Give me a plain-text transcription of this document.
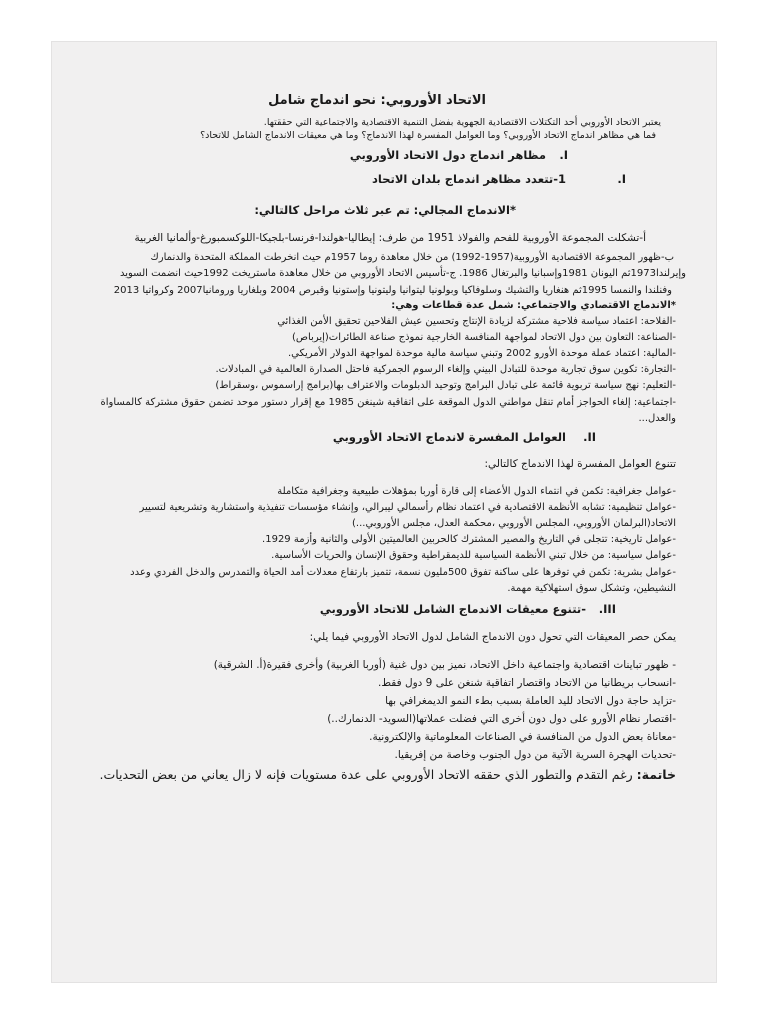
الاتحاد الأوروبي: نحو اندماج شامل
يعتبر الاتحاد الأوروبي أحد التكتلات الاقتصادية الجهوية بفضل التنمية الاقتصادية والاجتماعية التي حققتها.
فما هي مظاهر اندماج الاتحاد الأوروبي؟ وما العوامل المفسرة لهذا الاندماج؟ وما هي معيقات الاندماج الشامل للاتحاد؟
I.
مظاهر اندماج دول الاتحاد الأوروبي
I.
1-تتعدد مظاهر اندماج بلدان الاتحاد
*الاندماج المجالي: تم عبر ثلاث مراحل كالتالي:
أ-تشكلت المجموعة الأوروبية للفحم والفولاذ 1951 من طرف: إيطاليا-هولندا-فرنسا-بلجيكا-اللوكسمبورغ-وألمانيا الغربية
ب-ظهور المجموعة الاقتصادية الأوروبية(1957-1992) من خلال معاهدة روما 1957م حيث انخرطت المملكة المتحدة والدنمارك
وإيرلندا1973ثم اليونان 1981وإسبانيا والبرتغال 1986. ج-تأسيس الاتحاد الأوروبي من خلال معاهدة ماستريخت 1992حيث انضمت السويد
وفنلندا والنمسا 1995ثم هنغاريا والتشيك وسلوفاكيا وبولونيا ليتوانيا وليتونيا وإستونيا وقبرص 2004 وبلغاريا ورومانيا2007 وكرواتيا 2013
*الاندماج الاقتصادي والاجتماعي: شمل عدة قطاعات وهي:
-الفلاحة: اعتماد سياسة فلاحية مشتركة لزيادة الإنتاج وتحسين عيش الفلاحين تحقيق الأمن الغذائي
-الصناعة: التعاون بين دول الاتحاد لمواجهة المنافسة الخارجية نموذج صناعة الطائرات(إيرباص)
-المالية: اعتماد عملة موحدة الأورو 2002 وتبني سياسة مالية موحدة لمواجهة الدولار الأمريكي.
-التجارة: تكوين سوق تجارية موحدة للتبادل البيني وإلغاء الرسوم الجمركية فاحتل الصدارة العالمية في المبادلات.
-التعليم: نهج سياسة تربوية قائمة على تبادل البرامج وتوحيد الدبلومات والاعتراف بها(برامج إراسموس ،وسقراط)
-اجتماعية: إلغاء الحواجز أمام تنقل مواطني الدول الموقعة على اتفاقية شينغن 1985 مع إقرار دستور موحد تضمن حقوق مشتركة كالمساواة
والعدل...
II.
العوامل المفسرة لاندماج الاتحاد الأوروبي
تتنوع العوامل المفسرة لهذا الاندماج كالتالي:
-عوامل جغرافية: تكمن في انتماء الدول الأعضاء إلى قارة أوربا بمؤهلات طبيعية وجغرافية متكاملة
-عوامل تنظيمية: تشابه الأنظمة الاقتصادية في اعتماد نظام رأسمالي ليبرالي، وإنشاء مؤسسات تنفيذية واستشارية وتشريعية لتسيير
الاتحاد(البرلمان الأوروبي، المجلس الأوروبي ،محكمة العدل، مجلس الأوروبي...)
-عوامل تاريخية: تتجلى في التاريخ والمصير المشترك كالحربين العالميتين الأولى والثانية وأزمة 1929.
-عوامل سياسية: من خلال تبني الأنظمة السياسية للديمقراطية وحقوق الإنسان والحريات الأساسية.
-عوامل بشرية: تكمن في توفرها على ساكنة تفوق 500مليون نسمة، تتميز بارتفاع معدلات أمد الحياة والتمدرس والدخل الفردي وعدد
النشيطين، وتشكل سوق استهلاكية مهمة.
III.
-تتنوع معيقات الاندماج الشامل للاتحاد الأوروبي
يمكن حصر المعيقات التي تحول دون الاندماج الشامل لدول الاتحاد الأوروبي فيما يلي:
- ظهور تباينات اقتصادية واجتماعية داخل الاتحاد، نميز بين دول غنية (أوربا الغربية) وأخرى فقيرة(أ. الشرقية)
-انسحاب بريطانيا من الاتحاد واقتصار اتفاقية شنغن على 9 دول فقط.
-تزايد حاجة دول الاتحاد لليد العاملة بسبب بطء النمو الديمغرافي بها
-اقتصار نظام الأورو على دول دون أخرى التي فضلت عملاتها(السويد- الدنمارك..)
-معاناة بعض الدول من المنافسة في الصناعات المعلوماتية والإلكترونية.
-تحديات الهجرة السرية الآتية من دول الجنوب وخاصة من إفريقيا.
خاتمة: رغم التقدم والتطور الذي حققه الاتحاد الأوروبي على عدة مستويات فإنه لا زال يعاني من بعض التحديات.
